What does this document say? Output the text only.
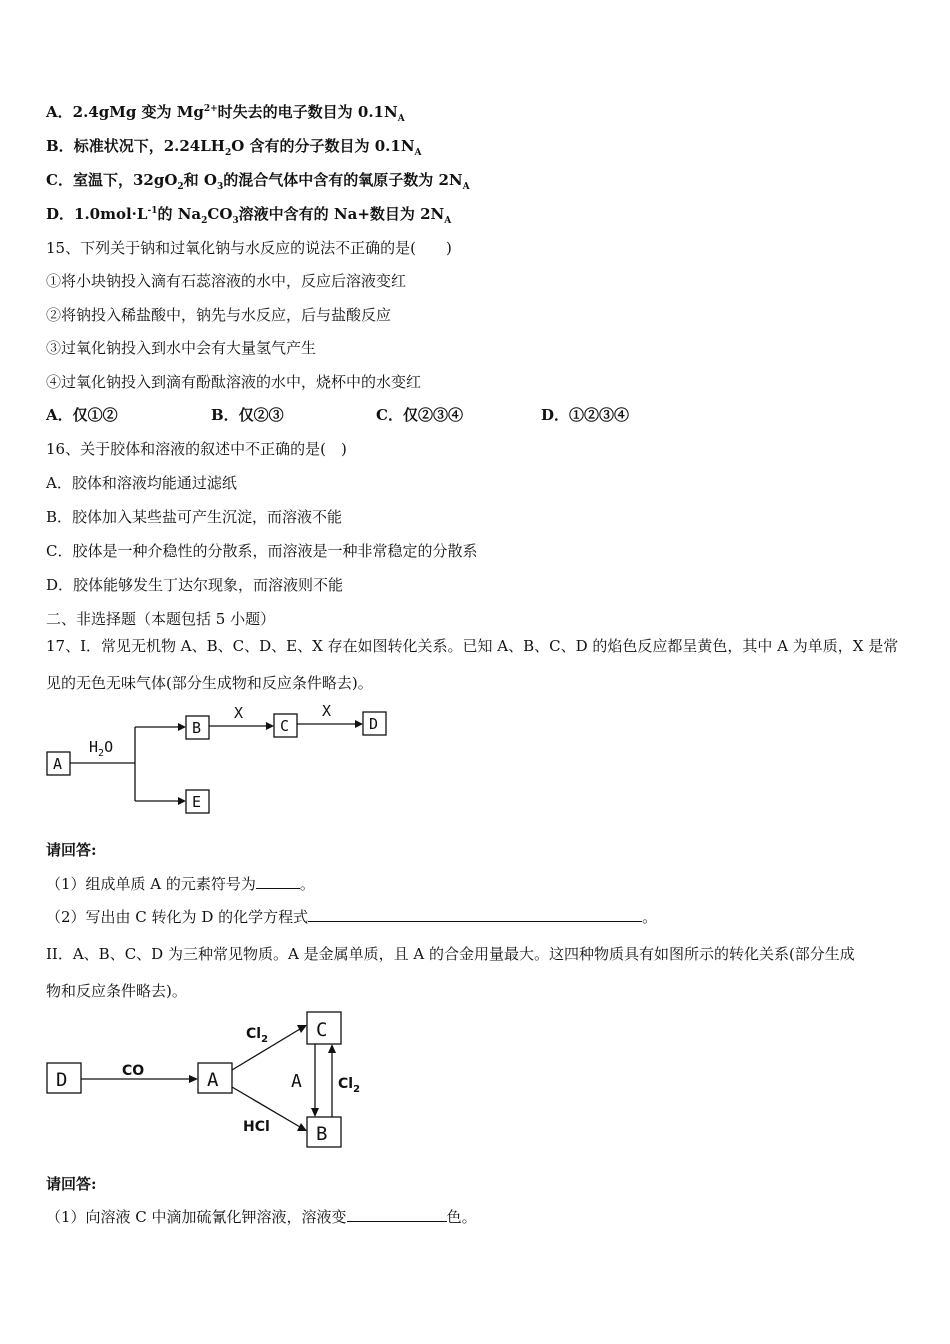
A．2.4gMg 变为 $Mg^{2+}$时失去的电子数目为 $0.1N_A$
B．标准状况下，$2.24LH_2O$ 含有的分子数目为 $0.1N_A$
C．室温下，$32gO_2$和 $O_3$的混合气体中含有的氧原子数为 $2N_A$
D．$1.0mol\cdot L^{-1}$的 $Na_2CO_3$溶液中含有的 Na+数目为 $2N_A$
15、下列关于钠和过氧化钠与水反应的说法不正确的是(　　)
①将小块钠投入滴有石蕊溶液的水中，反应后溶液变红
②将钠投入稀盐酸中，钠先与水反应，后与盐酸反应
③过氧化钠投入到水中会有大量氢气产生
④过氧化钠投入到滴有酚酞溶液的水中，烧杯中的水变红
A．仅①②	B．仅②③	C．仅②③④	D．①②③④
16、关于胶体和溶液的叙述中不正确的是(　)
A．胶体和溶液均能通过滤纸
B．胶体加入某些盐可产生沉淀，而溶液不能
C．胶体是一种介稳性的分散系，而溶液是一种非常稳定的分散系
D．胶体能够发生丁达尔现象，而溶液则不能
二、非选择题（本题包括 5 小题）
17、I．常见无机物 A、B、C、D、E、X 存在如图转化关系。已知 A、B、C、D 的焰色反应都呈黄色，其中 A 为单质，X 是常
见的无色无味气体(部分生成物和反应条件略去)。
A
B	C	D
E
X	X
$H_2O$
请回答:
（1）组成单质 A 的元素符号为	。
（2）写出由 C 转化为 D 的化学方程式	。
II．A、B、C、D 为三种常见物质。A 是金属单质，且 A 的合金用量最大。这四种物质具有如图所示的转化关系(部分生成
物和反应条件略去)。
D	A
C
B
A
CO
$Cl_2$
HCl
$Cl_2$
请回答:
（1）向溶液 C 中滴加硫氰化钾溶液，溶液变	色。
